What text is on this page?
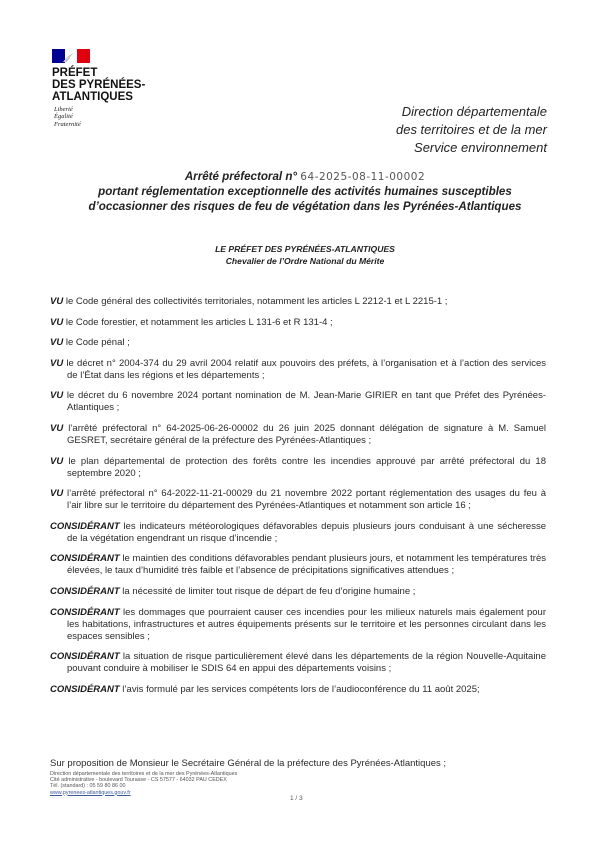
PRÉFET
DES PYRÉNÉES-
ATLANTIQUES
Liberté
Égalité
Fraternité
Direction départementale
des territoires et de la mer
Service environnement
Arrêté préfectoral n° 64-2025-08-11-00002
portant réglementation exceptionnelle des activités humaines susceptibles
d’occasionner des risques de feu de végétation dans les Pyrénées-Atlantiques
LE PRÉFET DES PYRÉNÉES-ATLANTIQUES
Chevalier de l’Ordre National du Mérite

VU le Code général des collectivités territoriales, notamment les articles L 2212-1 et L 2215-1 ;

VU le Code forestier, et notamment les articles L 131-6 et R 131-4 ;

VU le Code pénal ;

VU le décret n° 2004-374 du 29 avril 2004 relatif aux pouvoirs des préfets, à l’organisation et à l’action des services de l’État dans les régions et les départements ;

VU le décret du 6 novembre 2024 portant nomination de M. Jean-Marie GIRIER en tant que Préfet des Pyrénées-Atlantiques ;

VU l’arrêté préfectoral n° 64-2025-06-26-00002 du 26 juin 2025 donnant délégation de signature à M. Samuel GESRET, secrétaire général de la préfecture des Pyrénées-Atlantiques ;

VU le plan départemental de protection des forêts contre les incendies approuvé par arrêté préfectoral du 18 septembre 2020 ;

VU l’arrêté préfectoral n° 64-2022-11-21-00029 du 21 novembre 2022 portant réglementation des usages du feu à l’air libre sur le territoire du département des Pyrénées-Atlantiques et notamment son article 16 ;

CONSIDÉRANT les indicateurs météorologiques défavorables depuis plusieurs jours conduisant à une sécheresse de la végétation engendrant un risque d’incendie ;

CONSIDÉRANT le maintien des conditions défavorables pendant plusieurs jours, et notamment les températures très élevées, le taux d’humidité très faible et l’absence de précipitations significatives attendues ;

CONSIDÉRANT la nécessité de limiter tout risque de départ de feu d’origine humaine ;

CONSIDÉRANT les dommages que pourraient causer ces incendies pour les milieux naturels mais également pour les habitations, infrastructures et autres équipements présents sur le territoire et les personnes circulant dans les espaces sensibles ;

CONSIDÉRANT la situation de risque particulièrement élevé dans les départements de la région Nouvelle-Aquitaine pouvant conduire à mobiliser le SDIS 64 en appui des départements voisins ;

CONSIDÉRANT l’avis formulé par les services compétents lors de l’audioconférence du 11 août 2025;

Sur proposition de Monsieur le Secrétaire Général de la préfecture des Pyrénées-Atlantiques ;
Direction départementale des territoires et de la mer des Pyrénées-Atlantiques
Cité administrative - boulevard Tourasse - CS 57577 - 64032 PAU CEDEX
Tél. (standard) : 05 59 80 86 00
www.pyrenees-atlantiques.gouv.fr
1 / 3
